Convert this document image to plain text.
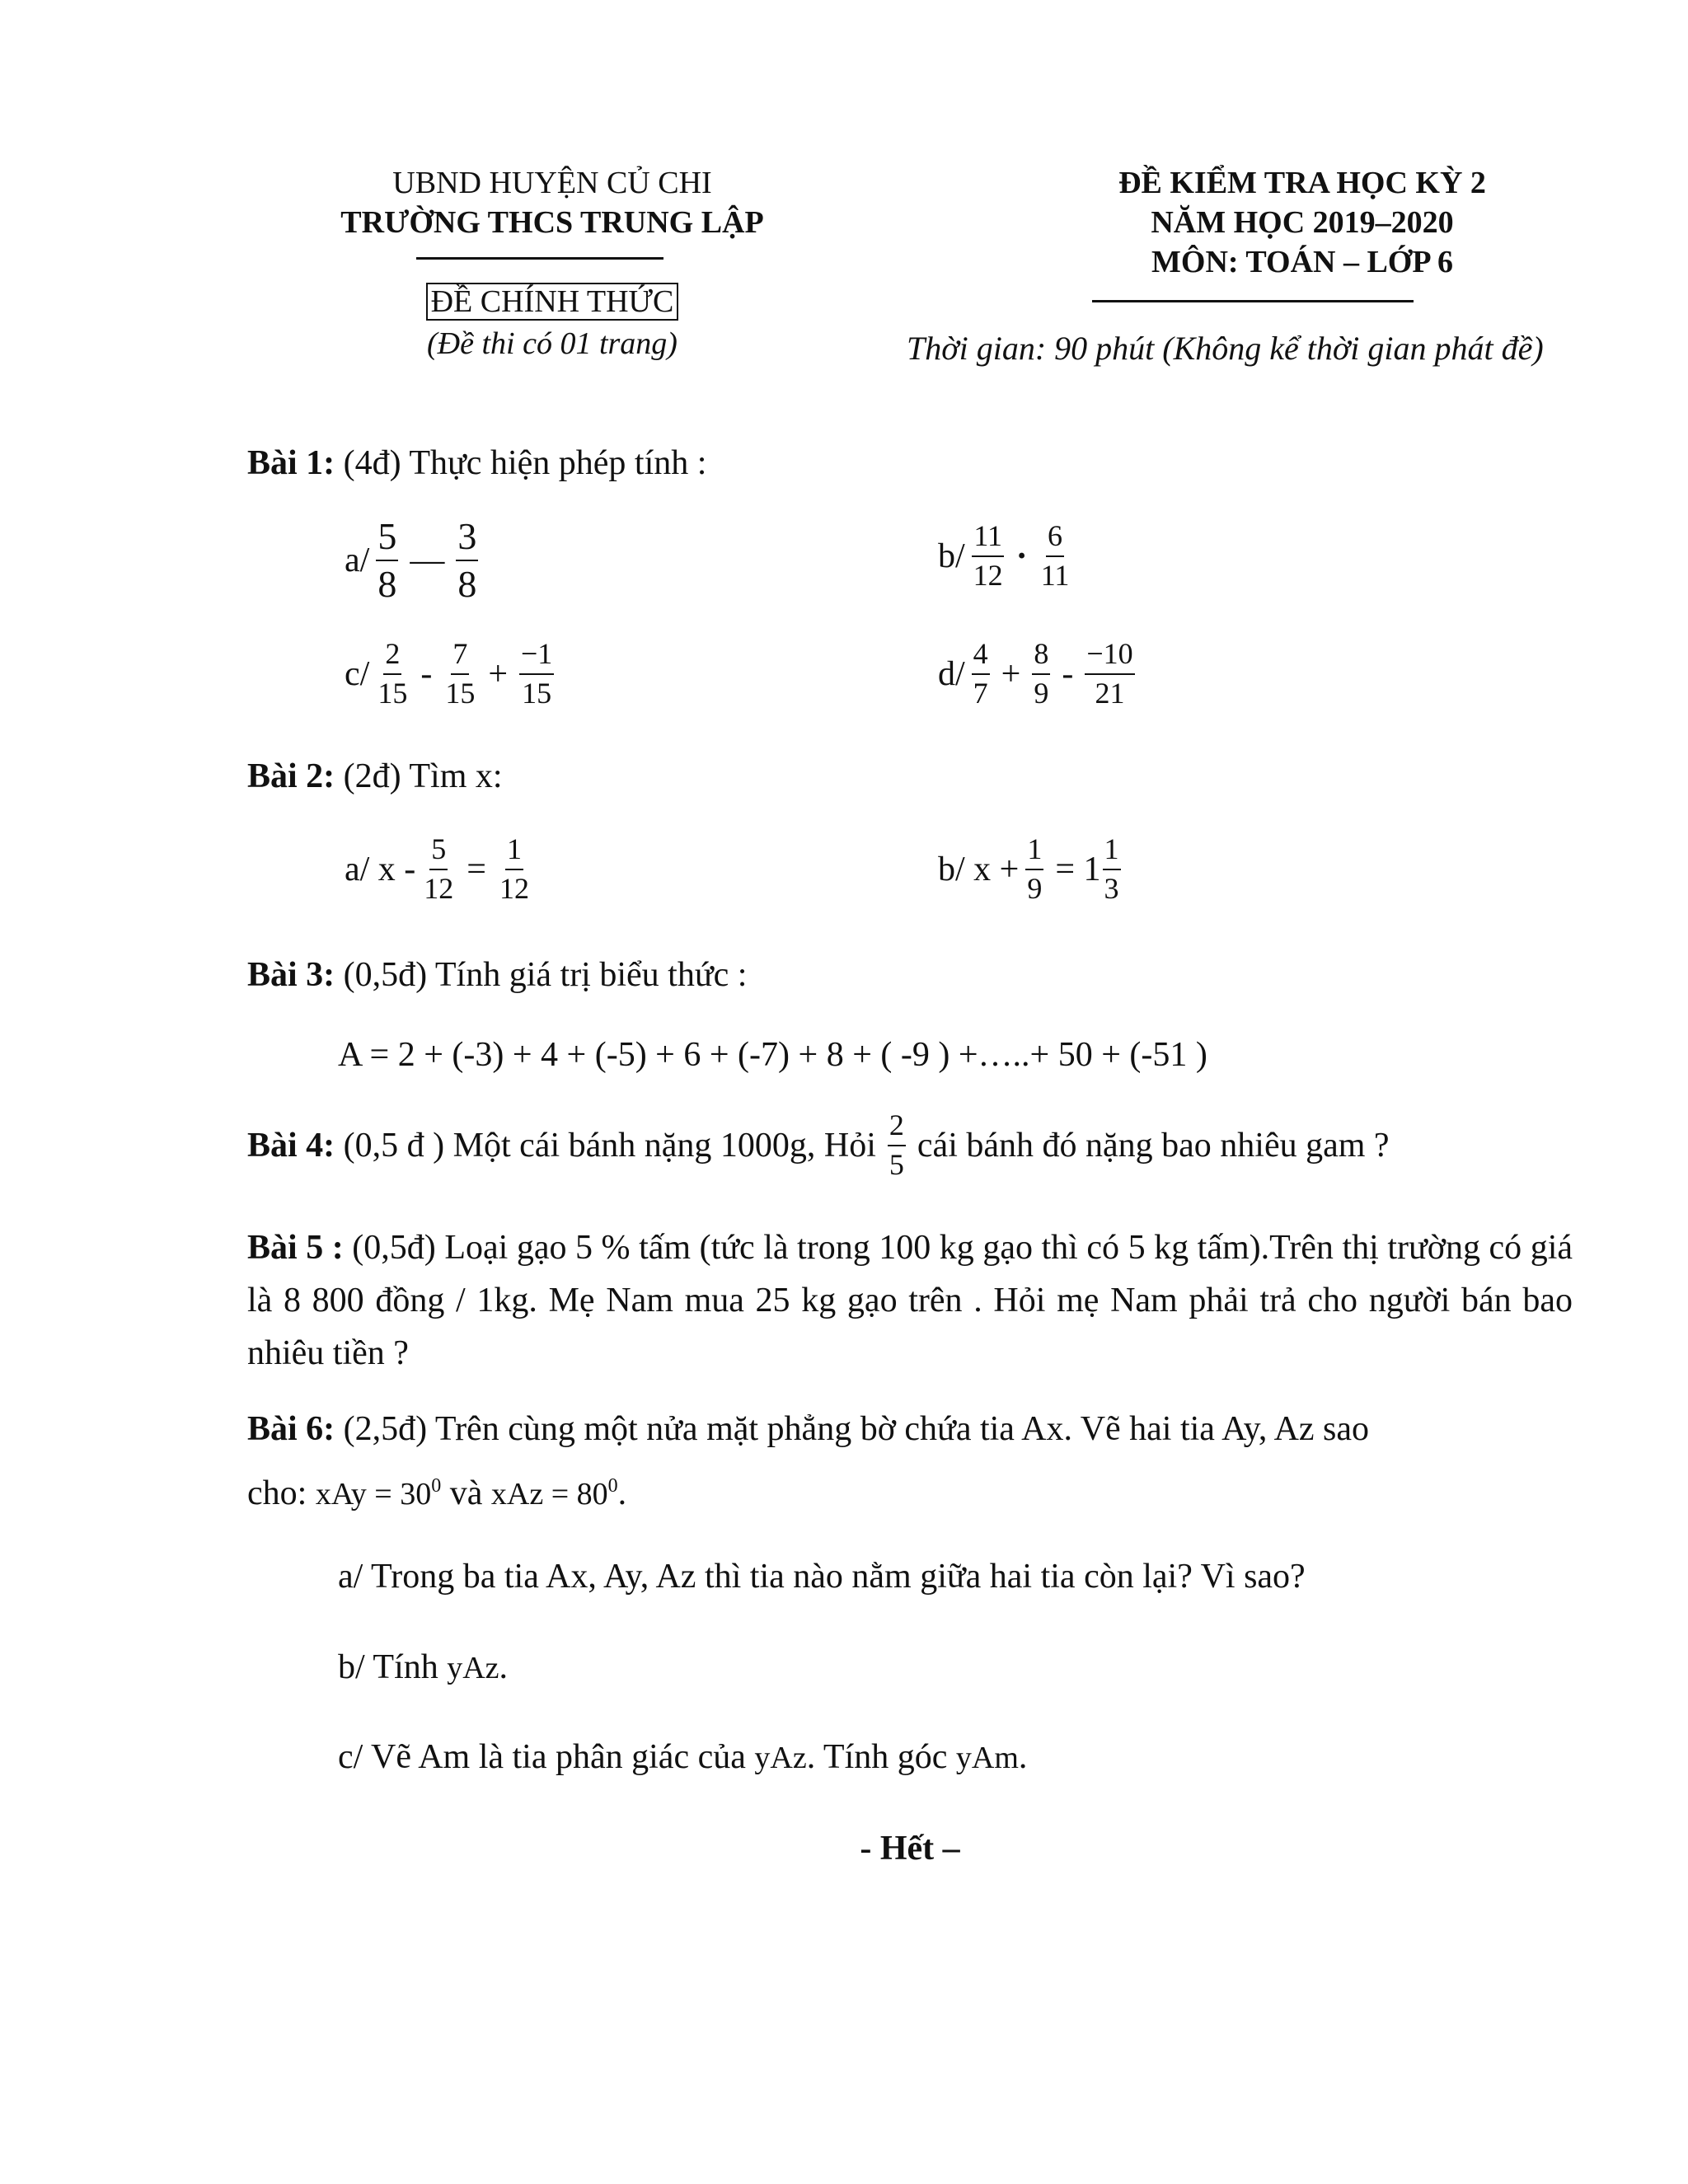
UBND HUYỆN CỦ CHI
TRƯỜNG THCS TRUNG LẬP
ĐỀ CHÍNH THỨC
(Đề thi có 01 trang)
ĐỀ KIỂM TRA HỌC KỲ 2
NĂM HỌC 2019–2020
MÔN: TOÁN – LỚP 6
Thời gian: 90 phút (Không kể thời gian phát đề)
Bài 1: (4đ) Thực hiện phép tính :
$a/ \frac{5}{8}$ — $\frac{3}{8}$	$b/ \frac{11}{12} \cdot \frac{6}{11}$
$c/ \frac{2}{15} - \frac{7}{15} + \frac{-1}{15}$	$d/ \frac{4}{7} + \frac{8}{9} - \frac{-10}{21}$
Bài 2: (2đ) Tìm x:
a/ $x - \frac{5}{12} = \frac{1}{12}$	b/ $x + \frac{1}{9} = 1 \frac{1}{3}$
Bài 3: (0,5đ) Tính giá trị biểu thức :
A = 2 + (-3) + 4 + (-5) + 6 + (-7) + 8 + ( -9 ) +…..+ 50 + (-51 )
Bài 4: (0,5 đ ) Một cái bánh nặng 1000g, Hỏi $\frac{2}{5}$ cái bánh đó nặng bao nhiêu gam ?
Bài 5 : (0,5đ) Loại gạo 5 % tấm (tức là trong 100 kg gạo thì có 5 kg tấm).Trên thị trường có giá là 8 800 đồng / 1kg. Mẹ Nam mua 25 kg gạo trên . Hỏi mẹ Nam phải trả cho người bán bao nhiêu tiền ?
Bài 6: (2,5đ) Trên cùng một nửa mặt phẳng bờ chứa tia Ax. Vẽ hai tia Ay, Az sao
cho: xAy = $30^0$ và xAz = $80^0$.
a/ Trong ba tia Ax, Ay, Az thì tia nào nằm giữa hai tia còn lại? Vì sao?
b/ Tính yAz.
c/ Vẽ Am là tia phân giác của yAz. Tính góc yAm.
- Hết –
